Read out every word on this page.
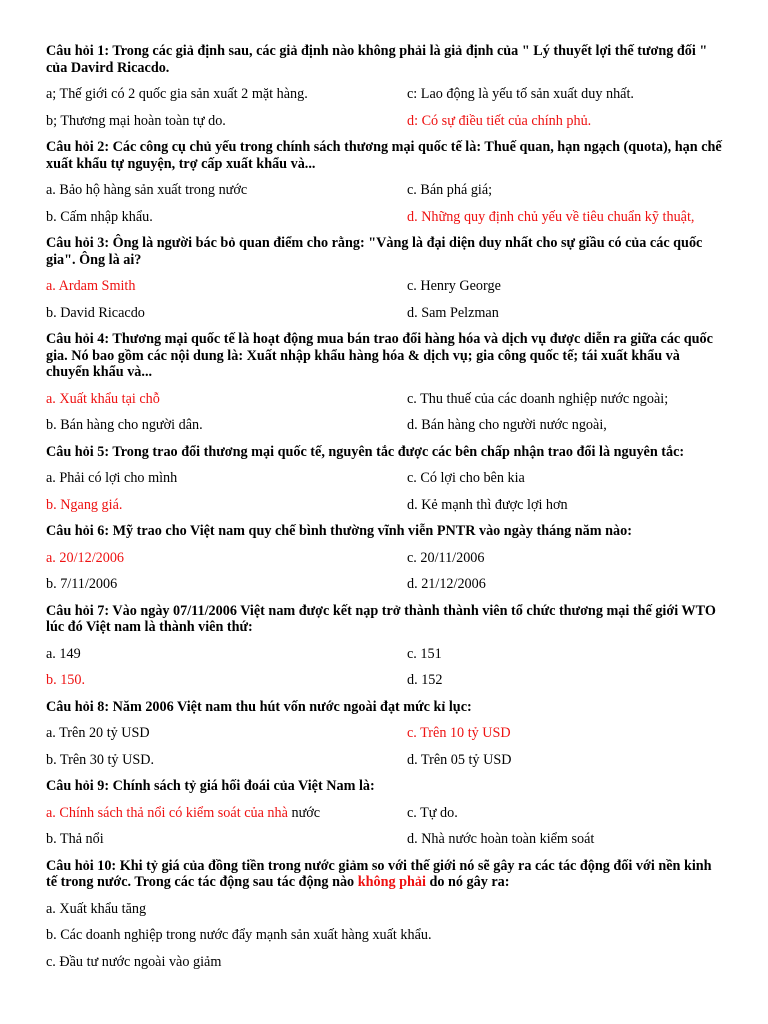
Câu hỏi 1: Trong các giả định sau, các giả định nào không phải là giả định của " Lý thuyết lợi thế tương đối " của Davird Ricacdo.
a; Thế giới có 2 quốc gia sản xuất 2 mặt hàng.	c: Lao động là yếu tố sản xuất duy nhất.
b; Thương mại hoàn toàn tự do.	d: Có sự điều tiết của chính phủ.
Câu hỏi 2: Các công cụ chủ yếu trong chính sách thương mại quốc tế là: Thuế quan, hạn ngạch (quota), hạn chế xuất khẩu tự nguyện, trợ cấp xuất khẩu và...
a. Bảo hộ hàng sản xuất trong nước	c. Bán phá giá;
b. Cấm nhập khẩu.	d. Những quy định chủ yếu về tiêu chuẩn kỹ thuật,
Câu hỏi 3: Ông là người bác bỏ quan điểm cho rằng: "Vàng là đại diện duy nhất cho sự giầu có của các quốc gia". Ông là ai?
a. Ardam Smith	c. Henry George
b. David Ricacdo	d. Sam Pelzman
Câu hỏi 4: Thương mại quốc tế là hoạt động mua bán trao đổi hàng hóa và dịch vụ được diễn ra giữa các quốc gia. Nó bao gồm các nội dung là: Xuất nhập khẩu hàng hóa & dịch vụ; gia công quốc tế; tái xuất khẩu và chuyển khẩu và...
a. Xuất khẩu tại chỗ	c. Thu thuế của các doanh nghiệp nước ngoài;
b. Bán hàng cho người dân.	d. Bán hàng cho người nước ngoài,
Câu hỏi 5: Trong trao đổi thương mại quốc tế, nguyên tắc được các bên chấp nhận trao đổi là nguyên tắc:
a. Phải có lợi cho mình	c. Có lợi cho bên kia
b. Ngang giá.	d. Kẻ mạnh thì được lợi hơn
Câu hỏi 6: Mỹ trao cho Việt nam quy chế bình thường vĩnh viễn PNTR vào ngày tháng năm nào:
a. 20/12/2006	c. 20/11/2006
b. 7/11/2006	d. 21/12/2006
Câu hỏi 7: Vào ngày 07/11/2006 Việt nam được kết nạp trở thành thành viên tổ chức thương mại thế giới WTO lúc đó Việt nam là thành viên thứ:
a. 149	c. 151
b. 150.	d. 152
Câu hỏi 8: Năm 2006 Việt nam thu hút vốn nước ngoài đạt mức kỉ lục:
a. Trên 20 tỷ USD	c. Trên 10 tỷ USD
b. Trên 30 tỷ USD.	d. Trên 05 tỷ USD
Câu hỏi 9: Chính sách tỷ giá hối đoái của Việt Nam là:
a. Chính sách thả nổi có kiểm soát của nhà nước	c. Tự do.
b. Thả nổi	d. Nhà nước hoàn toàn kiểm soát
Câu hỏi 10: Khi tỷ giá của đồng tiền trong nước giảm so với thế giới nó sẽ gây ra các tác động đối với nền kinh tế trong nước. Trong các tác động sau tác động nào không phải do nó gây ra:
a. Xuất khẩu tăng
b. Các doanh nghiệp trong nước đẩy mạnh sản xuất hàng xuất khẩu.
c. Đầu tư nước ngoài vào giảm
